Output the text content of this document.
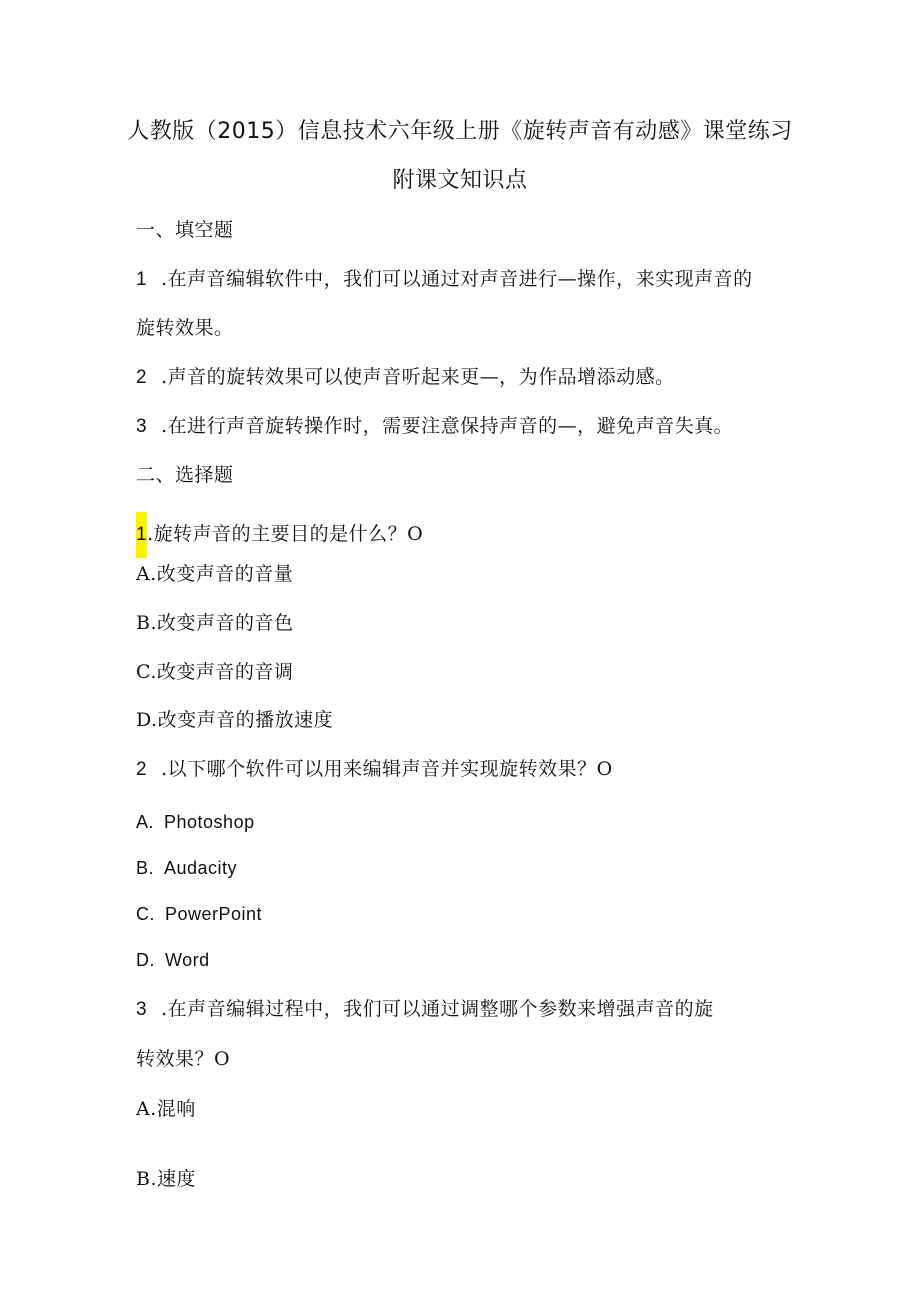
人教版（2015）信息技术六年级上册《旋转声音有动感》课堂练习
附课文知识点
一、填空题
1 .在声音编辑软件中，我们可以通过对声音进行—操作，来实现声音的
旋转效果。
2 .声音的旋转效果可以使声音听起来更—，为作品增添动感。
3 .在进行声音旋转操作时，需要注意保持声音的—，避免声音失真。
二、选择题
1.旋转声音的主要目的是什么？O
A.改变声音的音量
B.改变声音的音色
C.改变声音的音调
D.改变声音的播放速度
2 .以下哪个软件可以用来编辑声音并实现旋转效果？O
A. Photoshop
B. Audacity
C. PowerPoint
D. Word
3 .在声音编辑过程中，我们可以通过调整哪个参数来增强声音的旋
转效果？O
A.混响
B.速度
